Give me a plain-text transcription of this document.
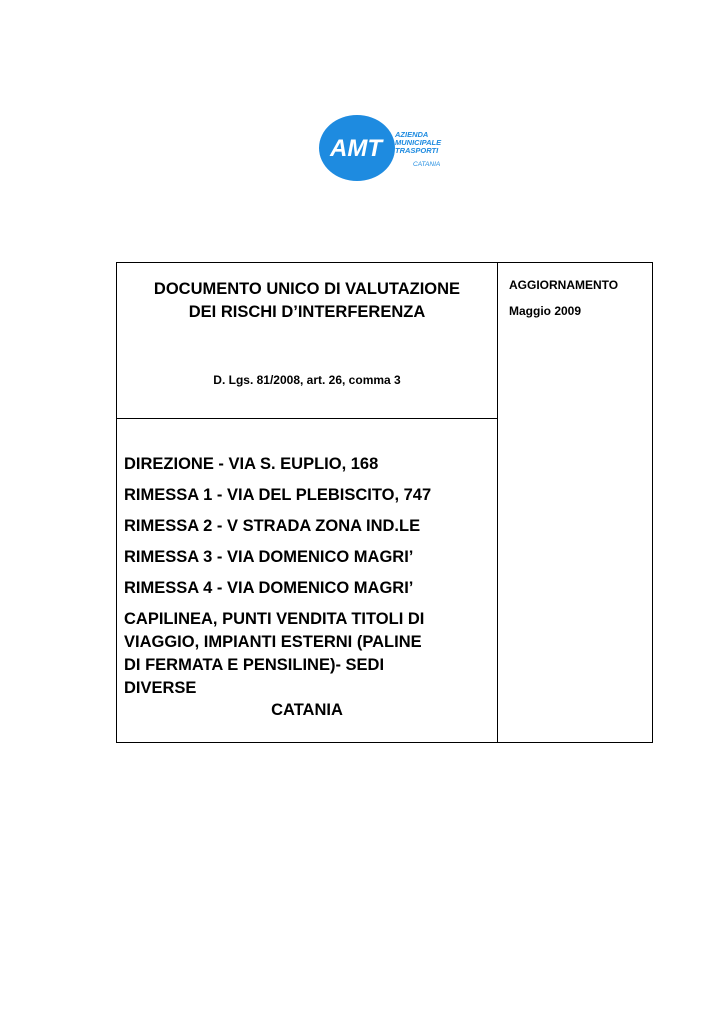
AMT
AZIENDA
MUNICIPALE
TRASPORTI
CATANIA
DOCUMENTO UNICO DI VALUTAZIONE
DEI RISCHI D’INTERFERENZA
D. Lgs. 81/2008, art. 26, comma 3
AGGIORNAMENTO
Maggio 2009
DIREZIONE - VIA S. EUPLIO, 168
RIMESSA 1 - VIA DEL PLEBISCITO, 747
RIMESSA 2 - V STRADA ZONA IND.LE
RIMESSA 3 - VIA DOMENICO MAGRI’
RIMESSA 4 - VIA DOMENICO MAGRI’
CAPILINEA, PUNTI VENDITA TITOLI DI
VIAGGIO, IMPIANTI ESTERNI (PALINE
DI FERMATA E PENSILINE)- SEDI
DIVERSE
CATANIA
